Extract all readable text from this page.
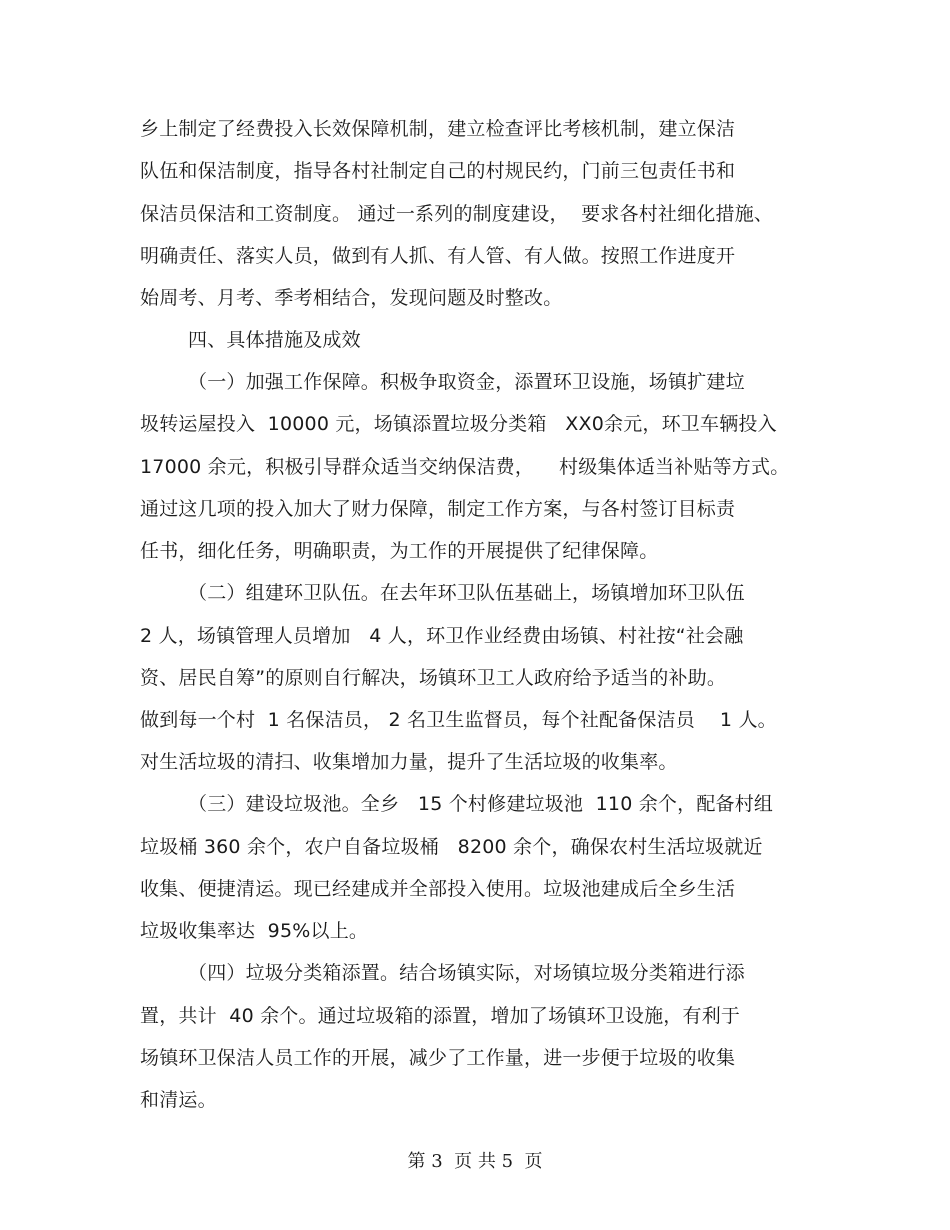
乡上制定了经费投入长效保障机制，建立检查评比考核机制，建立保洁
队伍和保洁制度，指导各村社制定自己的村规民约，门前三包责任书和
保洁员保洁和工资制度。 通过一系列的制度建设，  要求各村社细化措施、
明确责任、落实人员，做到有人抓、有人管、有人做。按照工作进度开
始周考、月考、季考相结合，发现问题及时整改。
四、具体措施及成效
（一）加强工作保障。积极争取资金，添置环卫设施，场镇扩建垃
圾转运屋投入  10000 元，场镇添置垃圾分类箱   XX0余元，环卫车辆投入
17000 余元，积极引导群众适当交纳保洁费，    村级集体适当补贴等方式。
通过这几项的投入加大了财力保障，制定工作方案，与各村签订目标责
任书，细化任务，明确职责，为工作的开展提供了纪律保障。
（二）组建环卫队伍。在去年环卫队伍基础上，场镇增加环卫队伍
2 人，场镇管理人员增加   4 人，环卫作业经费由场镇、村社按“社会融
资、居民自筹”的原则自行解决，场镇环卫工人政府给予适当的补助。
做到每一个村  1 名保洁员， 2 名卫生监督员，每个社配备保洁员    1 人。
对生活垃圾的清扫、收集增加力量，提升了生活垃圾的收集率。
（三）建设垃圾池。全乡   15 个村修建垃圾池  110 余个，配备村组
垃圾桶 360 余个，农户自备垃圾桶   8200 余个，确保农村生活垃圾就近
收集、便捷清运。现已经建成并全部投入使用。垃圾池建成后全乡生活
垃圾收集率达  95%以上。
（四）垃圾分类箱添置。结合场镇实际，对场镇垃圾分类箱进行添
置，共计  40 余个。通过垃圾箱的添置，增加了场镇环卫设施，有利于
场镇环卫保洁人员工作的开展，减少了工作量，进一步便于垃圾的收集
和清运。
第 3  页 共 5  页
